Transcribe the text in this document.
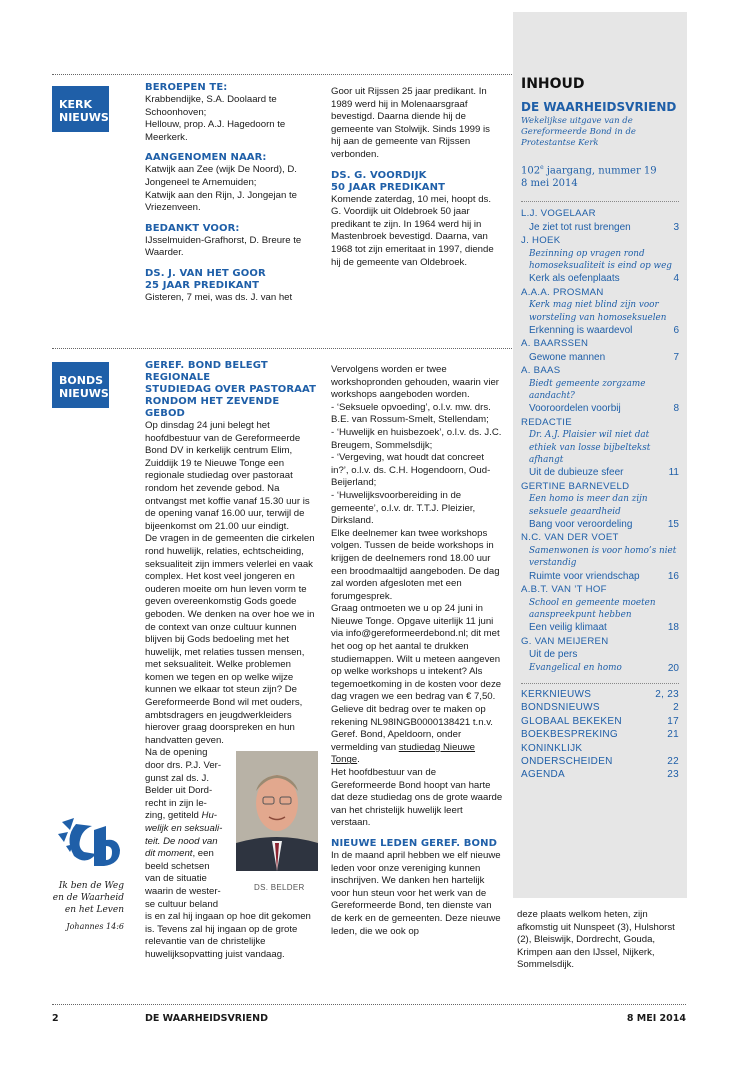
KERK
NIEUWS
BEROEPEN TE:

Krabbendijke, S.A. Doolaard te Schoonhoven;

Hellouw, prop. A.J. Hagedoorn te Meerkerk.

AANGENOMEN NAAR:

Katwijk aan Zee (wijk De Noord), D. Jongeneel te Arnemuiden;

Katwijk aan den Rijn, J. Jongejan te Vriezenveen.

BEDANKT VOOR:

IJsselmuiden-Grafhorst, D. Breure te Waarder.

DS. J. VAN HET GOOR
25 JAAR PREDIKANT

Gisteren, 7 mei, was ds. J. van het

Goor uit Rijssen 25 jaar predikant. In 1989 werd hij in Molenaarsgraaf bevestigd. Daarna diende hij de gemeente van Stolwijk. Sinds 1999 is hij aan de gemeente van Rijssen verbonden.

DS. G. VOORDIJK
50 JAAR PREDIKANT

Komende zaterdag, 10 mei, hoopt ds. G. Voordijk uit Oldebroek 50 jaar predikant te zijn. In 1964 werd hij in Mastenbroek bevestigd. Daarna, van 1968 tot zijn emeritaat in 1997, diende hij de gemeente van Oldebroek.

BONDS
NIEUWS
GEREF. BOND BELEGT REGIONALE
STUDIEDAG OVER PASTORAAT
RONDOM HET ZEVENDE GEBOD

Op dinsdag 24 juni belegt het hoofdbestuur van de Gereformeerde Bond DV in kerkelijk centrum Elim, Zuiddijk 19 te Nieuwe Tonge een regionale studiedag over pastoraat rondom het zevende gebod. Na ontvangst met koffie vanaf 15.30 uur is de opening vanaf 16.00 uur, terwijl de bijeenkomst om 21.00 uur eindigt.

De vragen in de gemeenten die cirkelen rond huwelijk, relaties, echtscheiding, seksualiteit zijn immers velerlei en vaak complex. Het kost veel jongeren en ouderen moeite om hun leven vorm te geven overeenkomstig Gods goede geboden. We denken na over hoe we in de context van onze cultuur kunnen blijven bij Gods bedoeling met het huwelijk, met relaties tussen mensen, met seksualiteit. Welke problemen komen we tegen en op welke wijze kunnen we elkaar tot steun zijn? De Gereformeerde Bond wil met ouders, ambtsdragers en jeugdwerkleiders hierover graag doorspreken en hun handvatten geven.

Na de opening
door drs. P.J. Ver-
gunst zal ds. J.
Belder uit Dord-
recht in zijn le-
zing, getiteld Hu-
welijk en seksuali-
teit. De nood van
dit moment, een
beeld schetsen
van de situatie
waarin de wester-
se cultuur beland

is en zal hij ingaan op hoe dit gekomen is. Tevens zal hij ingaan op de grote relevantie van de christelijke huwelijksopvatting juist vandaag.

DS. BELDER

Vervolgens worden er twee workshopronden gehouden, waarin vier workshops aangeboden worden.

- ‘Seksuele opvoeding’, o.l.v. mw. drs. B.E. van Rossum-Smelt, Stellendam;

- ‘Huwelijk en huisbezoek’, o.l.v. ds. J.C. Breugem, Sommelsdijk;

- ‘Vergeving, wat houdt dat concreet in?’, o.l.v. ds. C.H. Hogendoorn, Oud-Beijerland;

- ‘Huwelijksvoorbereiding in de gemeente’, o.l.v. dr. T.T.J. Pleizier, Dirksland.

Elke deelnemer kan twee workshops volgen. Tussen de beide workshops in krijgen de deelnemers rond 18.00 uur een broodmaaltijd aangeboden. De dag zal worden afgesloten met een forumgesprek.

Graag ontmoeten we u op 24 juni in Nieuwe Tonge. Opgave uiterlijk 11 juni via info@gereformeerdebond.nl; dit met het oog op het aantal te drukken studiemappen. Wilt u meteen aangeven op welke workshops u intekent? Als tegemoetkoming in de kosten voor deze dag vragen we een bedrag van € 7,50. Gelieve dit bedrag over te maken op rekening NL98INGB0000138421 t.n.v. Geref. Bond, Apeldoorn, onder vermelding van studiedag Nieuwe Tonge.

Het hoofdbestuur van de Gereformeerde Bond hoopt van harte dat deze studiedag ons de grote waarde van het christelijk huwelijk leert verstaan.

NIEUWE LEDEN GEREF. BOND

In de maand april hebben we elf nieuwe leden voor onze vereniging kunnen inschrijven. We danken hen hartelijk voor hun steun voor het werk van de Gereformeerde Bond, ten dienste van de kerk en de gemeenten. Deze nieuwe leden, die we ook op

deze plaats welkom heten, zijn afkomstig uit Nunspeet (3), Hulshorst (2), Bleiswijk, Dordrecht, Gouda, Krimpen aan den IJssel, Nijkerk, Sommelsdijk.

Ik ben de Weg
en de Waarheid
en het Leven
Johannes 14:6
INHOUD
DE WAARHEIDSVRIEND
Wekelijkse uitgave van de Gereformeerde Bond in de Protestantse Kerk
102e jaargang, nummer 19
8 mei 2014
L.J. VOGELAAR
Je ziet tot rust brengen	3
J. HOEK
Bezinning op vragen rond homoseksualiteit is eind op weg
Kerk als oefenplaats	4
A.A.A. PROSMAN
Kerk mag niet blind zijn voor worsteling van homoseksuelen
Erkenning is waardevol	6
A. BAARSSEN
Gewone mannen	7
A. BAAS
Biedt gemeente zorgzame aandacht?
Vooroordelen voorbij	8
REDACTIE
Dr. A.J. Plaisier wil niet dat ethiek van losse bijbeltekst afhangt
Uit de dubieuze sfeer	11
GERTINE BARNEVELD
Een homo is meer dan zijn seksuele geaardheid
Bang voor veroordeling	15
N.C. VAN DER VOET
Samenwonen is voor homo’s niet verstandig
Ruimte voor vriendschap	16
A.B.T. VAN ’T HOF
School en gemeente moeten aanspreekpunt hebben
Een veilig klimaat	18
G. VAN MEIJEREN
Uit de pers
Evangelical en homo	20
KERKNIEUWS	2, 23
BONDSNIEUWS	2
GLOBAAL BEKEKEN	17
BOEKBESPREKING	21
KONINKLIJK
ONDERSCHEIDEN	22
AGENDA	23
2	DE WAARHEIDSVRIEND	8 MEI 2014
